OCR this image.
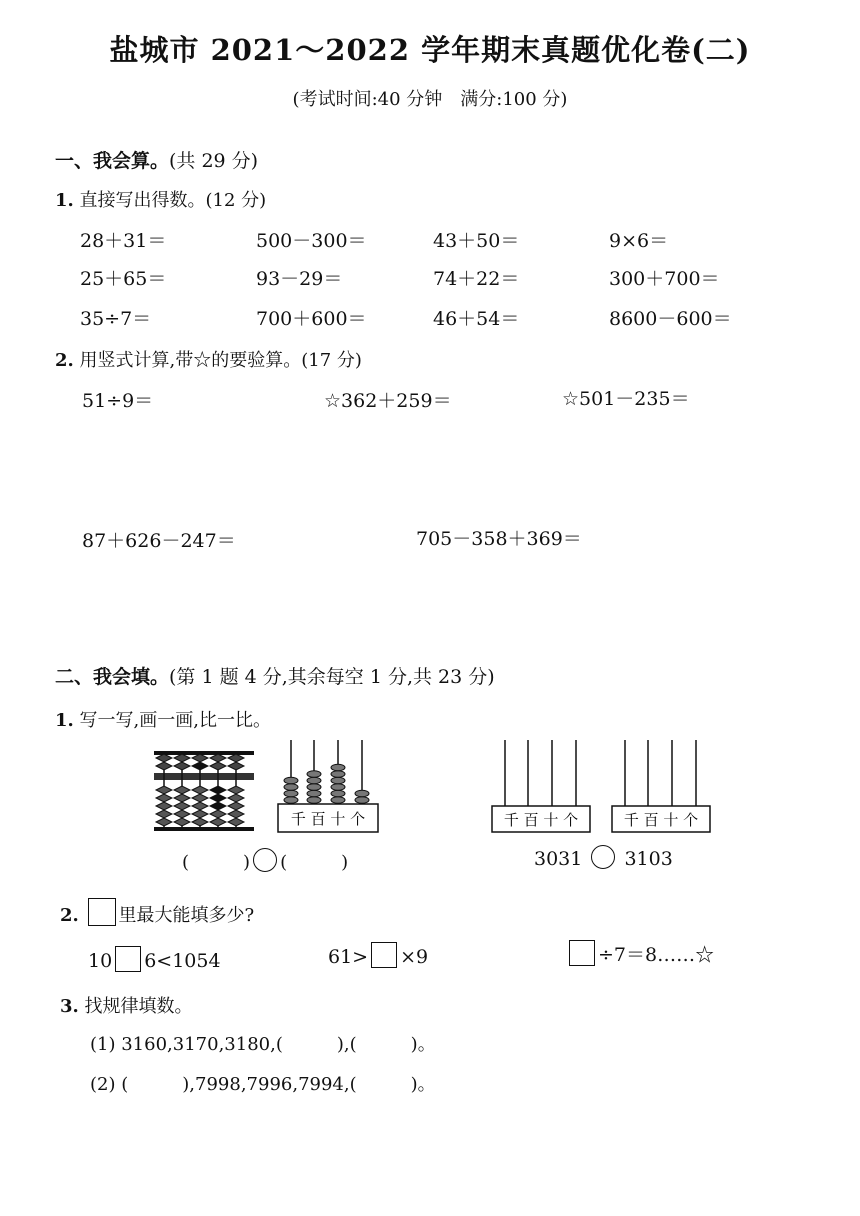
盐城市 2021～2022 学年期末真题优化卷(二)
(考试时间:40 分钟　满分:100 分)
一、我会算。(共 29 分)
1. 直接写出得数。(12 分)
28＋31＝	500－300＝	43＋50＝	9×6＝
25＋65＝	93－29＝	74＋22＝	300＋700＝
35÷7＝	700＋600＝	46＋54＝	8600－600＝
2. 用竖式计算,带☆的要验算。(17 分)
51÷9＝	☆362＋259＝	☆501－235＝
87＋626－247＝	705－358＋369＝
二、我会填。(第 1 题 4 分,其余每空 1 分,共 23 分)
1. 写一写,画一画,比一比。
千 百 十 个
(	) (	)
千 百 十 个	千 百 十 个
3031 3103
2. 里最大能填多少?
10 6<1054	61> ×9	÷7＝8……☆
3. 找规律填数。
(1) 3160,3170,3180,(	),(	)。
(2) (	),7998,7996,7994,(	)。
